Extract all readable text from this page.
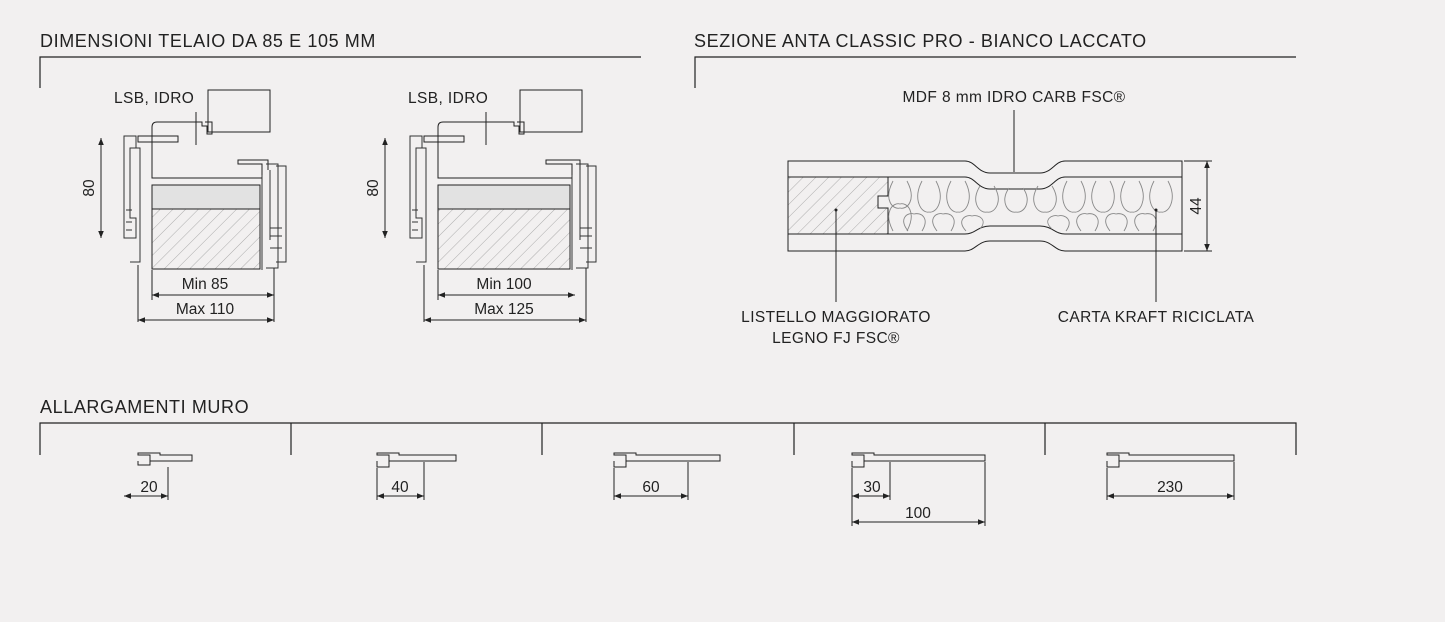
DIMENSIONI TELAIO DA 85 E 105 MM
LSB, IDRO
80
Min 85
Max 110
LSB, IDRO
80
Min 100
Max 125
SEZIONE ANTA CLASSIC PRO - BIANCO LACCATO
MDF 8 mm IDRO CARB FSC®
44
LISTELLO MAGGIORATO
LEGNO FJ FSC®
CARTA KRAFT RICICLATA
ALLARGAMENTI MURO
20	40	60	30
100
230
